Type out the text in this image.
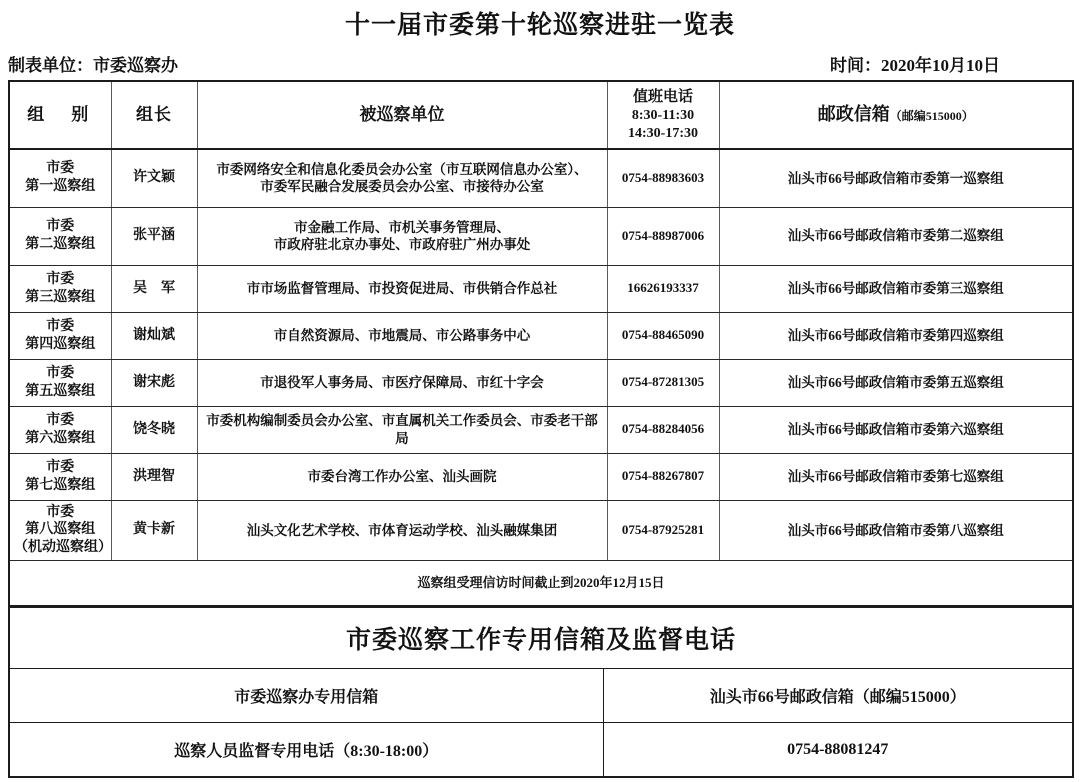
十一届市委第十轮巡察进驻一览表
制表单位：市委巡察办	时间：2020年10月10日
组　别	组长	被巡察单位	值班电话
8:30-11:30
14:30-17:30	邮政信箱（邮编515000）

市委
第一巡察组	许文颖	市委网络安全和信息化委员会办公室（市互联网信息办公室）、
市委军民融合发展委员会办公室、市接待办公室	0754-88983603	汕头市66号邮政信箱市委第一巡察组

市委
第二巡察组	张平涵	市金融工作局、市机关事务管理局、
市政府驻北京办事处、市政府驻广州办事处	0754-88987006	汕头市66号邮政信箱市委第二巡察组

市委
第三巡察组	吴　军	市市场监督管理局、市投资促进局、市供销合作总社	16626193337	汕头市66号邮政信箱市委第三巡察组

市委
第四巡察组	谢灿斌	市自然资源局、市地震局、市公路事务中心	0754-88465090	汕头市66号邮政信箱市委第四巡察组

市委
第五巡察组	谢宋彪	市退役军人事务局、市医疗保障局、市红十字会	0754-87281305	汕头市66号邮政信箱市委第五巡察组

市委
第六巡察组	饶冬晓	市委机构编制委员会办公室、市直属机关工作委员会、市委老干部局	0754-88284056	汕头市66号邮政信箱市委第六巡察组

市委
第七巡察组	洪理智	市委台湾工作办公室、汕头画院	0754-88267807	汕头市66号邮政信箱市委第七巡察组

市委
第八巡察组
（机动巡察组）	黄卡新	汕头文化艺术学校、市体育运动学校、汕头融媒集团	0754-87925281	汕头市66号邮政信箱市委第八巡察组
巡察组受理信访时间截止到2020年12月15日				
市委巡察工作专用信箱及监督电话	
市委巡察办专用信箱	汕头市66号邮政信箱（邮编515000）
巡察人员监督专用电话（8:30-18:00）	0754-88081247
